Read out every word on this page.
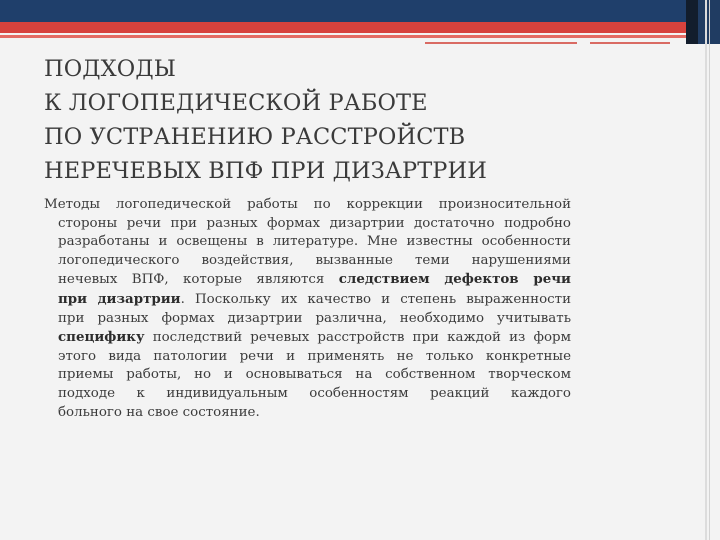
ПОДХОДЫ
К ЛОГОПЕДИЧЕСКОЙ РАБОТЕ
ПО УСТРАНЕНИЮ РАССТРОЙСТВ
НЕРЕЧЕВЫХ ВПФ ПРИ ДИЗАРТРИИ
Методы логопедической работы по коррекции произносительной
стороны речи при разных формах дизартрии достаточно подробно
разработаны и освещены в литературе. Мне известны особенности
логопедического воздействия, вызванные теми нарушениями
нечевых ВПФ, которые являются следствием дефектов речи
при дизартрии. Поскольку их качество и степень выраженности
при разных формах дизартрии различна, необходимо учитывать
специфику последствий речевых расстройств при каждой из форм
этого вида патологии речи и применять не только конкретные
приемы работы, но и основываться на собственном творческом
подходе к индивидуальным особенностям реакций каждого
больного на свое состояние.
